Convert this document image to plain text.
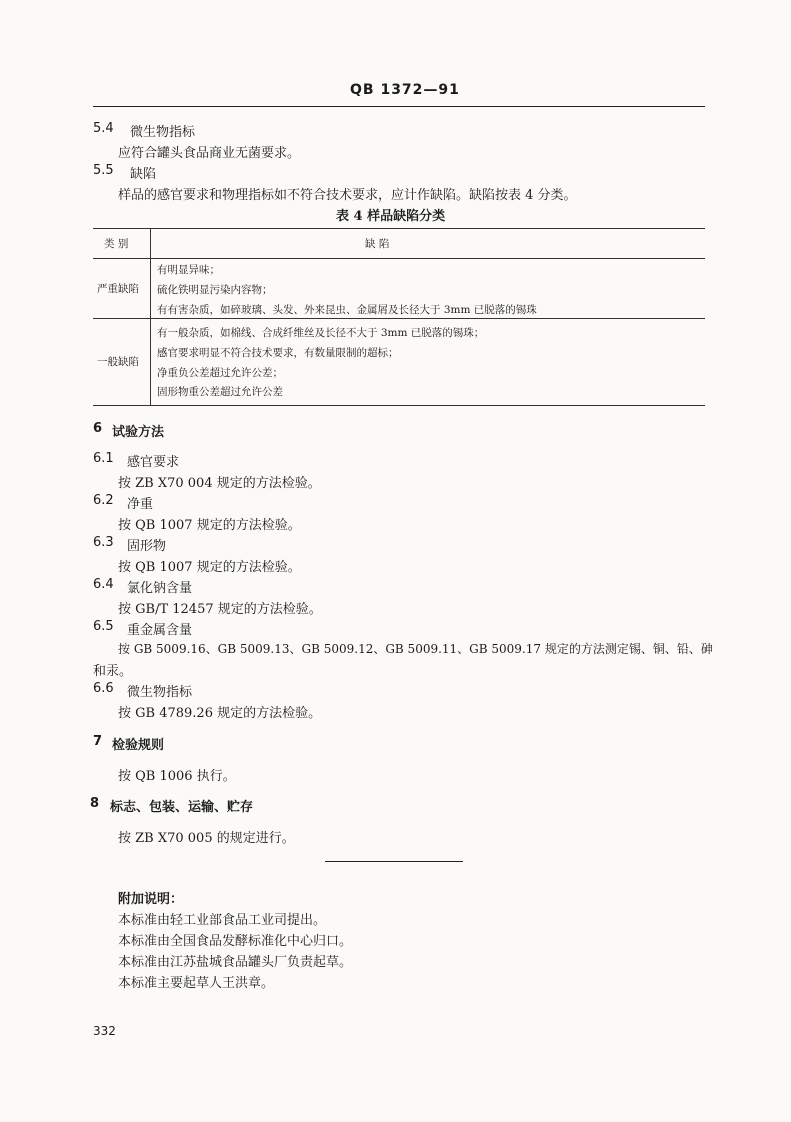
QB 1372—91
5.4 微生物指标
应符合罐头食品商业无菌要求。
5.5 缺陷
样品的感官要求和物理指标如不符合技术要求，应计作缺陷。缺陷按表 4 分类。
表 4 样品缺陷分类
类 别	缺 陷
严重缺陷
有明显异味；
硫化铁明显污染内容物；
有有害杂质，如碎玻璃、头发、外来昆虫、金属屑及长径大于 3mm 已脱落的锡珠
一般缺陷
有一般杂质，如棉线、合成纤维丝及长径不大于 3mm 已脱落的锡珠；
感官要求明显不符合技术要求，有数量限制的超标；
净重负公差超过允许公差；
固形物重公差超过允许公差
6 试验方法
6.1 感官要求
按 ZB X70 004 规定的方法检验。
6.2 净重
按 QB 1007 规定的方法检验。
6.3 固形物
按 QB 1007 规定的方法检验。
6.4 氯化钠含量
按 GB/T 12457 规定的方法检验。
6.5 重金属含量
按 GB 5009.16、GB 5009.13、GB 5009.12、GB 5009.11、GB 5009.17 规定的方法测定锡、铜、铅、砷
和汞。
6.6 微生物指标
按 GB 4789.26 规定的方法检验。
7 检验规则
按 QB 1006 执行。
8 标志、包装、运输、贮存
按 ZB X70 005 的规定进行。
附加说明：
本标准由轻工业部食品工业司提出。
本标准由全国食品发酵标准化中心归口。
本标准由江苏盐城食品罐头厂负责起草。
本标准主要起草人王洪章。
332
